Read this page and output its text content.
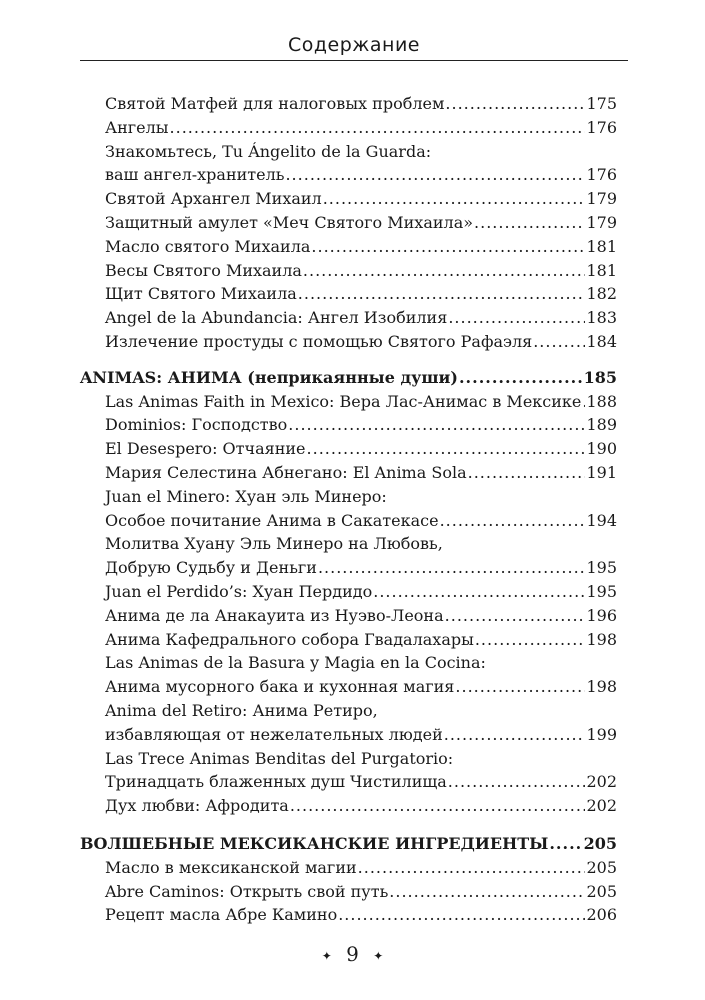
Содержание
Святой Матфей для налоговых проблем .....	175
Ангелы .....	176
Знакомьтесь, Tu Ángelito de la Guarda:
ваш ангел-хранитель .....	176
Святой Архангел Михаил .....	179
Защитный амулет «Меч Святого Михаила» .....	179
Масло святого Михаила .....	181
Весы Святого Михаила .....	181
Щит Святого Михаила .....	182
Angel de la Abundancia: Ангел Изобилия .....	183
Излечение простуды с помощью Святого Рафаэля .....	184
ANIMAS: АНИМА (неприкаянные души) .....	185
Las Animas Faith in Mexico: Вера Лас-Анимас в Мексике ..... 188
Dominios: Господство .....	189
El Desespero: Отчаяние .....	190
Мария Селестина Абнегано: El Anima Sola .....	191
Juan el Minero: Хуан эль Минеро:
Особое почитание Анима в Сакатекасе .....	194
Молитва Хуану Эль Минеро на Любовь,
Добрую Судьбу и Деньги .....	195
Juan el Perdido’s: Хуан Пердидо .....	195
Анима де ла Анакауита из Нуэво-Леона .....	196
Анима Кафедрального собора Гвадалахары .....	198
Las Animas de la Basura y Magia en la Cocina:
Анима мусорного бака и кухонная магия .....	198
Anima del Retiro: Анима Ретиро,
избавляющая от нежелательных людей .....	199
Las Trece Animas Benditas del Purgatorio:
Тринадцать блаженных душ Чистилища .....	202
Дух любви: Афродита .....	202
ВОЛШЕБНЫЕ МЕКСИКАНСКИЕ ИНГРЕДИЕНТЫ ..... 205
Масло в мексиканской магии .....	205
Abre Caminos: Открыть свой путь .....	205
Рецепт масла Абре Камино .....	206
✦ 9 ✦
